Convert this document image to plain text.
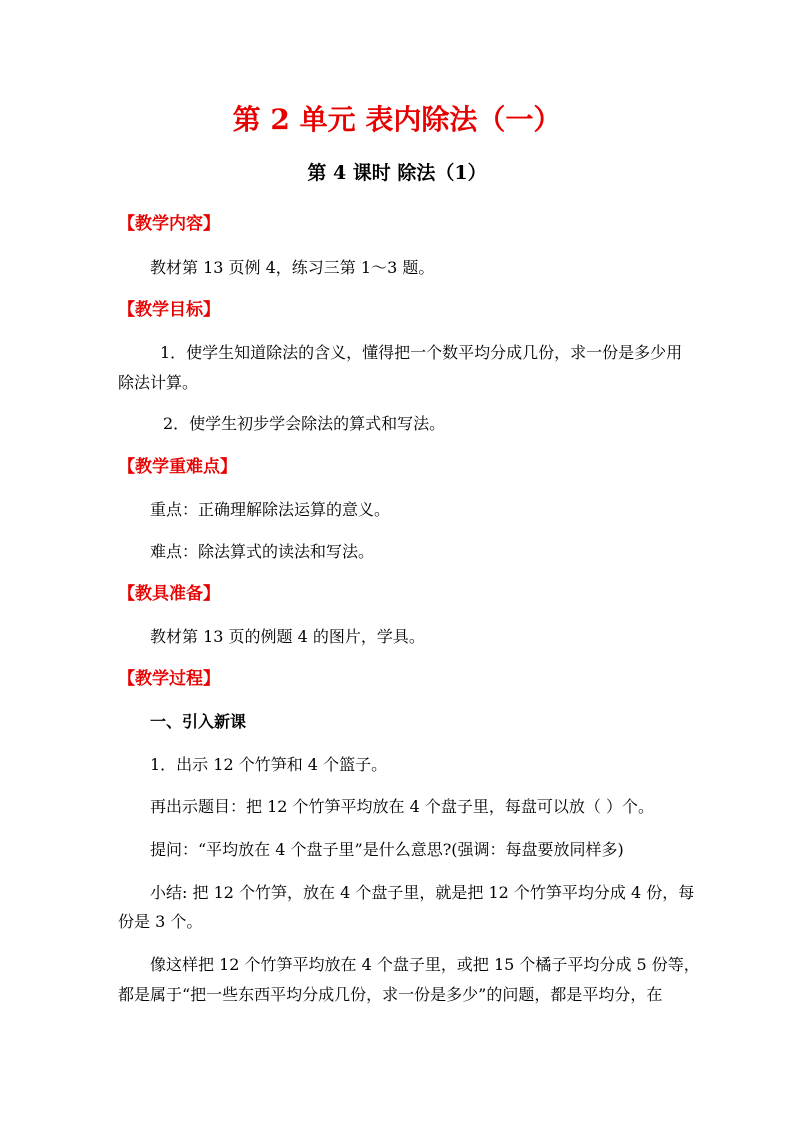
第 2 单元 表内除法（一）
第 4 课时 除法（1）
【教学内容】
教材第 13 页例 4，练习三第 1～3 题。
【教学目标】
1．使学生知道除法的含义，懂得把一个数平均分成几份，求一份是多少用
除法计算。
2．使学生初步学会除法的算式和写法。
【教学重难点】
重点：正确理解除法运算的意义。
难点：除法算式的读法和写法。
【教具准备】
教材第 13 页的例题 4 的图片，学具。
【教学过程】
一、引入新课
1．出示 12 个竹笋和 4 个篮子。
再出示题目：把 12 个竹笋平均放在 4 个盘子里，每盘可以放（ ）个。
提问：“平均放在 4 个盘子里”是什么意思?(强调：每盘要放同样多)
小结: 把 12 个竹笋，放在 4 个盘子里，就是把 12 个竹笋平均分成 4 份，每
份是 3 个。
像这样把 12 个竹笋平均放在 4 个盘子里，或把 15 个橘子平均分成 5 份等，
都是属于“把一些东西平均分成几份，求一份是多少”的问题，都是平均分，在
